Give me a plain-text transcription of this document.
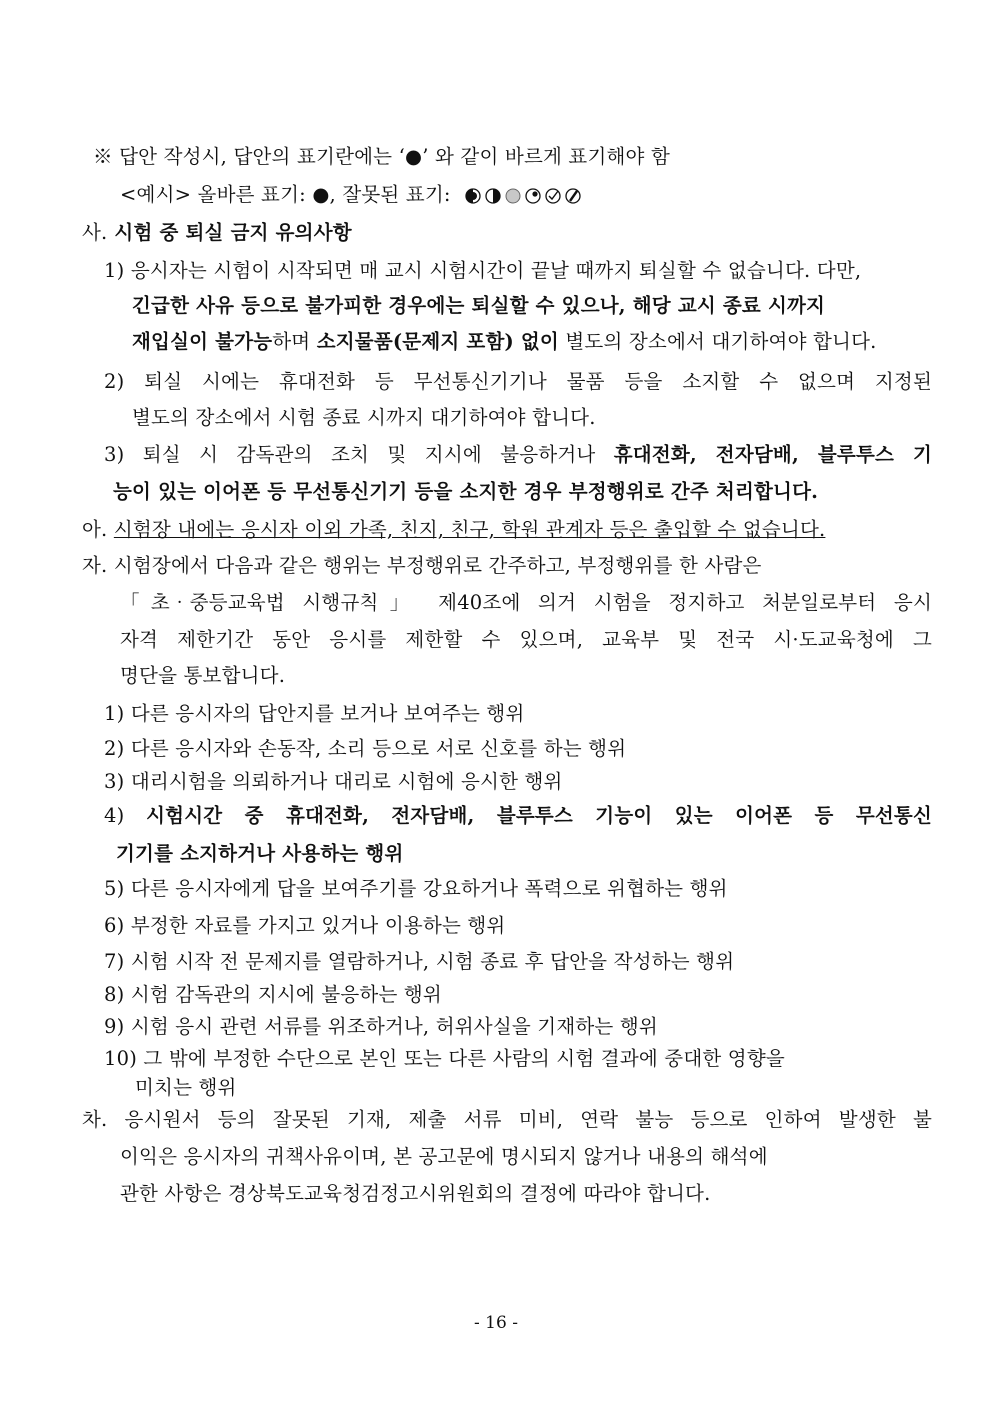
※ 답안 작성시, 답안의 표기란에는 ‘●’ 와 같이 바르게 표기해야 함
<예시> 올바른 표기: ●, 잘못된 표기:
사. 시험 중 퇴실 금지 유의사항
1) 응시자는 시험이 시작되면 매 교시 시험시간이 끝날 때까지 퇴실할 수 없습니다. 다만,
긴급한 사유 등으로 불가피한 경우에는 퇴실할 수 있으나, 해당 교시 종료 시까지
재입실이 불가능하며 소지물품(문제지 포함) 없이 별도의 장소에서 대기하여야 합니다.
2) 퇴실 시에는 휴대전화 등 무선통신기기나 물품 등을 소지할 수 없으며 지정된
별도의 장소에서 시험 종료 시까지 대기하여야 합니다.
3) 퇴실 시 감독관의 조치 및 지시에 불응하거나 휴대전화, 전자담배, 블루투스 기
능이 있는 이어폰 등 무선통신기기 등을 소지한 경우 부정행위로 간주 처리합니다.
아. 시험장 내에는 응시자 이외 가족, 친지, 친구, 학원 관계자 등은 출입할 수 없습니다.
자. 시험장에서 다음과 같은 행위는 부정행위로 간주하고, 부정행위를 한 사람은
「초‧중등교육법 시행규칙」 제40조에 의거 시험을 정지하고 처분일로부터 응시
자격 제한기간 동안 응시를 제한할 수 있으며, 교육부 및 전국 시·도교육청에 그
명단을 통보합니다.
1) 다른 응시자의 답안지를 보거나 보여주는 행위
2) 다른 응시자와 손동작, 소리 등으로 서로 신호를 하는 행위
3) 대리시험을 의뢰하거나 대리로 시험에 응시한 행위
4) 시험시간 중 휴대전화, 전자담배, 블루투스 기능이 있는 이어폰 등 무선통신
기기를 소지하거나 사용하는 행위
5) 다른 응시자에게 답을 보여주기를 강요하거나 폭력으로 위협하는 행위
6) 부정한 자료를 가지고 있거나 이용하는 행위
7) 시험 시작 전 문제지를 열람하거나, 시험 종료 후 답안을 작성하는 행위
8) 시험 감독관의 지시에 불응하는 행위
9) 시험 응시 관련 서류를 위조하거나, 허위사실을 기재하는 행위
10) 그 밖에 부정한 수단으로 본인 또는 다른 사람의 시험 결과에 중대한 영향을
미치는 행위
차. 응시원서 등의 잘못된 기재, 제출 서류 미비, 연락 불능 등으로 인하여 발생한 불
이익은 응시자의 귀책사유이며, 본 공고문에 명시되지 않거나 내용의 해석에
관한 사항은 경상북도교육청검정고시위원회의 결정에 따라야 합니다.
- 16 -
